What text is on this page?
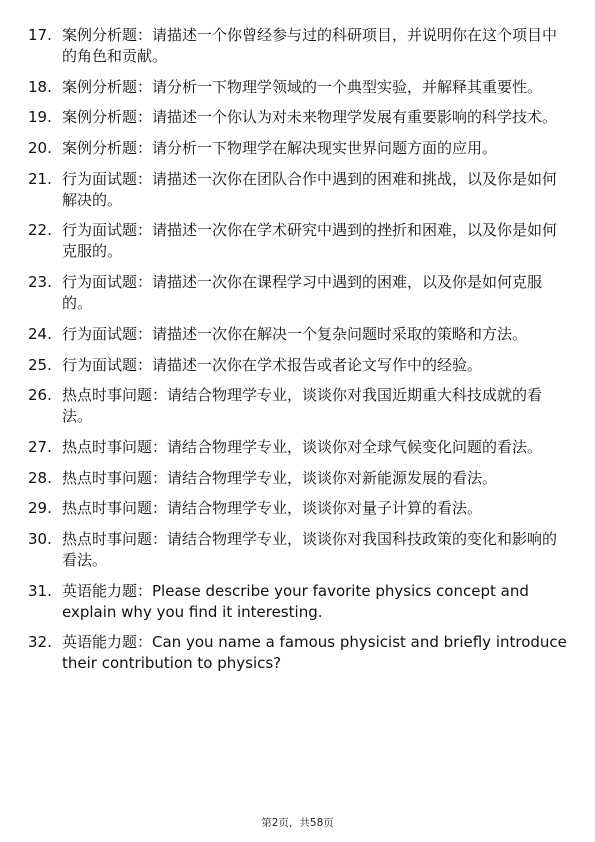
17. 案例分析题：请描述一个你曾经参与过的科研项目，并说明你在这个项目中的角色和贡献。
18. 案例分析题：请分析一下物理学领域的一个典型实验，并解释其重要性。
19. 案例分析题：请描述一个你认为对未来物理学发展有重要影响的科学技术。
20. 案例分析题：请分析一下物理学在解决现实世界问题方面的应用。
21. 行为面试题：请描述一次你在团队合作中遇到的困难和挑战，以及你是如何解决的。
22. 行为面试题：请描述一次你在学术研究中遇到的挫折和困难，以及你是如何克服的。
23. 行为面试题：请描述一次你在课程学习中遇到的困难，以及你是如何克服的。
24. 行为面试题：请描述一次你在解决一个复杂问题时采取的策略和方法。
25. 行为面试题：请描述一次你在学术报告或者论文写作中的经验。
26. 热点时事问题：请结合物理学专业，谈谈你对我国近期重大科技成就的看法。
27. 热点时事问题：请结合物理学专业，谈谈你对全球气候变化问题的看法。
28. 热点时事问题：请结合物理学专业，谈谈你对新能源发展的看法。
29. 热点时事问题：请结合物理学专业，谈谈你对量子计算的看法。
30. 热点时事问题：请结合物理学专业，谈谈你对我国科技政策的变化和影响的看法。
31. 英语能力题：Please describe your favorite physics concept and explain why you find it interesting.
32. 英语能力题：Can you name a famous physicist and briefly introduce their contribution to physics?
第2页，共58页
